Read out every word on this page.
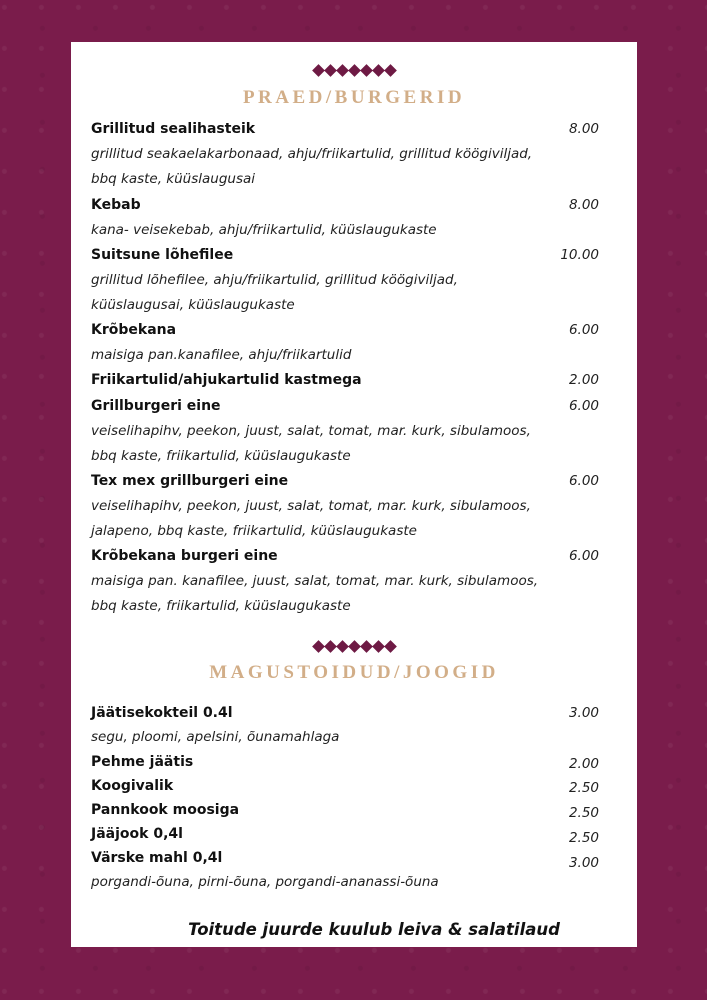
PRAED/BURGERID
Grillitud sealihasteik	8.00
grillitud seakaelakarbonaad, ahju/friikartulid, grillitud köögiviljad,
bbq kaste, küüslaugusai
Kebab	8.00
kana- veisekebab, ahju/friikartulid, küüslaugukaste
Suitsune lõhefilee	10.00
grillitud lõhefilee, ahju/friikartulid, grillitud köögiviljad,
küüslaugusai, küüslaugukaste
Krõbekana	6.00
maisiga pan.kanafilee, ahju/friikartulid
Friikartulid/ahjukartulid kastmega	2.00
Grillburgeri eine	6.00
veiselihapihv, peekon, juust, salat, tomat, mar. kurk, sibulamoos,
bbq kaste, friikartulid, küüslaugukaste
Tex mex grillburgeri eine	6.00
veiselihapihv, peekon, juust, salat, tomat, mar. kurk, sibulamoos,
jalapeno, bbq kaste, friikartulid, küüslaugukaste
Krõbekana burgeri eine	6.00
maisiga pan. kanafilee, juust, salat, tomat, mar. kurk, sibulamoos,
bbq kaste, friikartulid, küüslaugukaste
MAGUSTOIDUD/JOOGID
Jäätisekokteil 0.4l	3.00
segu, ploomi, apelsini, õunamahlaga
Pehme jäätis	2.00
Koogivalik	2.50
Pannkook moosiga	2.50
Jääjook 0,4l	2.50
Värske mahl 0,4l	3.00
porgandi-õuna, pirni-õuna, porgandi-ananassi-õuna
Toitude juurde kuulub leiva & salatilaud
